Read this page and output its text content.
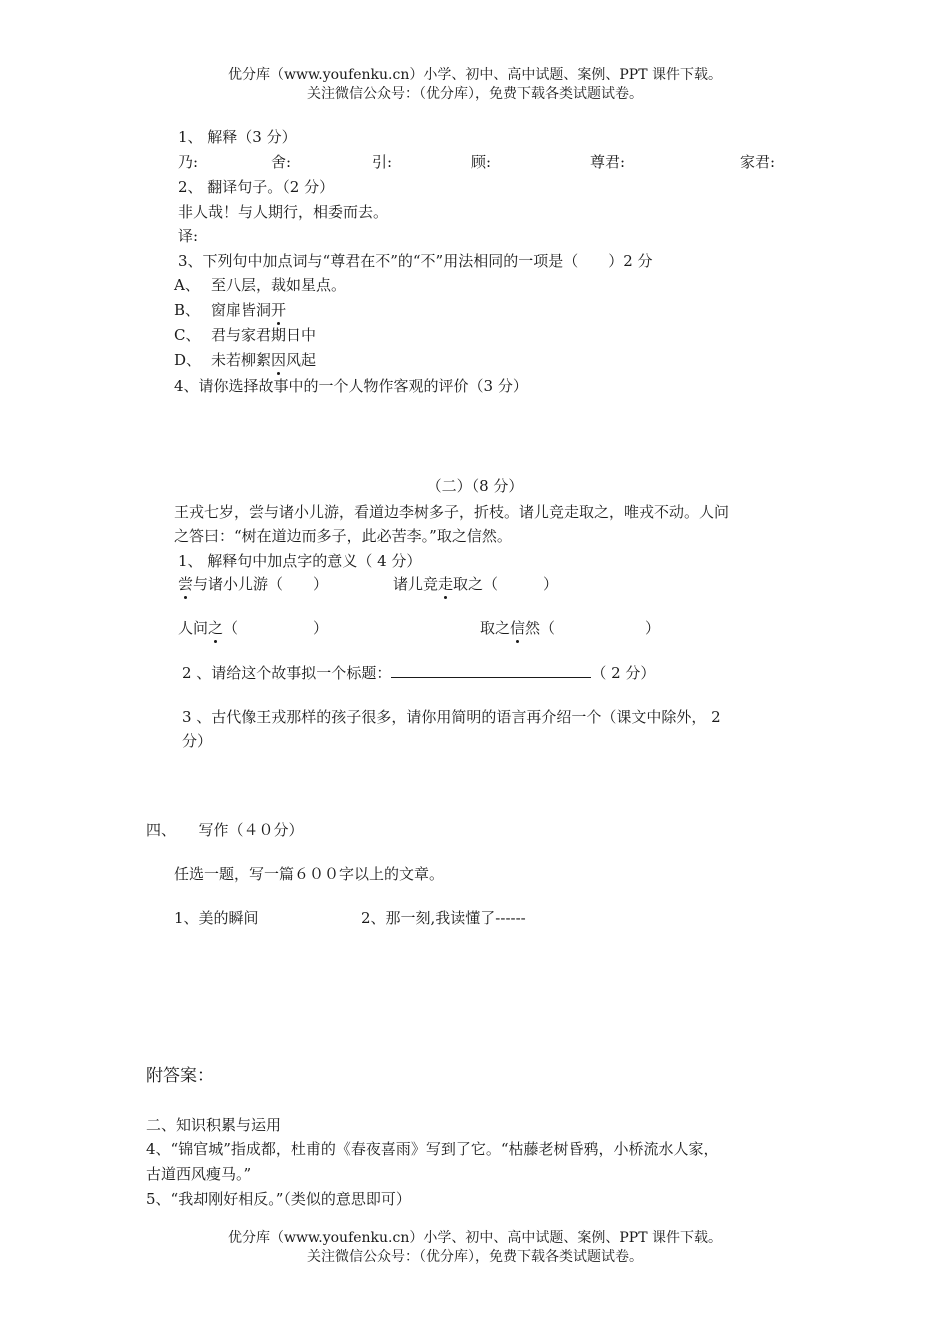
优分库（www.youfenku.cn）小学、初中、高中试题、案例、PPT 课件下载。
关注微信公众号：（优分库），免费下载各类试题试卷。
1、 解释（3 分）
乃:	舍:	引:	顾:	尊君:	家君:
2、 翻译句子。（2 分）
非人哉！与人期行，相委而去。
译:
3、下列句中加点词与“尊君在不”的“不”用法相同的一项是（　　）2 分
A、 至八层，裁如星点。
B、 窗扉皆洞开
C、 君与家君期日中
D、 未若柳絮因风起
4、请你选择故事中的一个人物作客观的评价（3 分）
（二）（8 分）
王戎七岁，尝与诸小儿游，看道边李树多子，折枝。诸儿竞走取之，唯戎不动。人问
之答曰：“树在道边而多子，此必苦李。”取之信然。
1、 解释句中加点字的意义（ 4 分）
尝与诸小儿游（　　）	诸儿竞走取之（　　　）
人问之（　　　　　）	取之信然（　　　　　　）
2 、请给这个故事拟一个标题：	（ 2 分）
3 、古代像王戎那样的孩子很多，请你用简明的语言再介绍一个（课文中除外， 2
分）
四、　　写作（４０分）
任选一题，写一篇６００字以上的文章。
1、美的瞬间	2、那一刻,我读懂了------
附答案：
二、知识积累与运用
4、“锦官城”指成都，杜甫的《春夜喜雨》写到了它。“枯藤老树昏鸦，小桥流水人家，
古道西风瘦马。”
5、“我却刚好相反。”（类似的意思即可）
优分库（www.youfenku.cn）小学、初中、高中试题、案例、PPT 课件下载。
关注微信公众号：（优分库），免费下载各类试题试卷。
